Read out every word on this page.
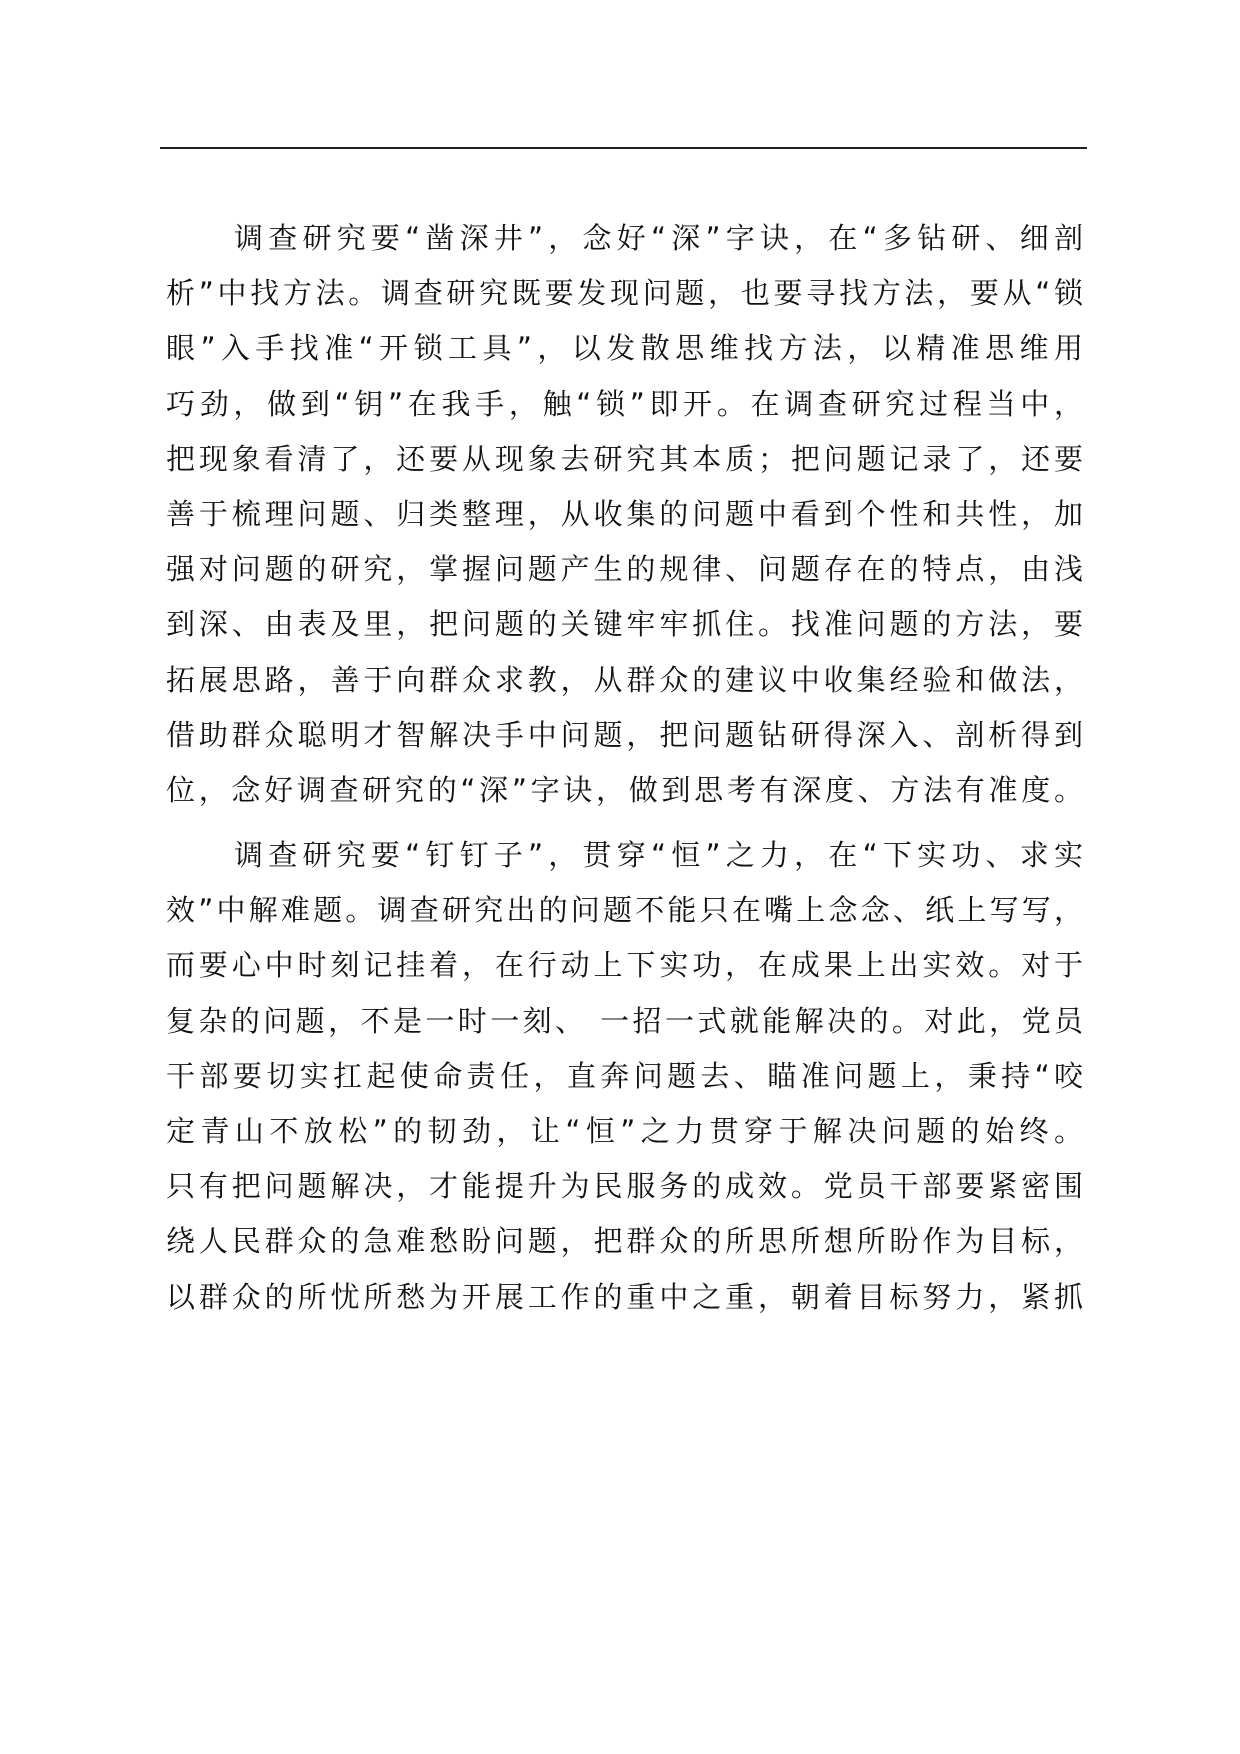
调查研究要“凿深井”，念好“深”字诀，在“多钻研、细剖
析”中找方法。调查研究既要发现问题，也要寻找方法，要从“锁
眼”入手找准“开锁工具”，以发散思维找方法，以精准思维用
巧劲，做到“钥”在我手，触“锁”即开。在调查研究过程当中，
把现象看清了，还要从现象去研究其本质；把问题记录了，还要
善于梳理问题、归类整理，从收集的问题中看到个性和共性，加
强对问题的研究，掌握问题产生的规律、问题存在的特点，由浅
到深、由表及里，把问题的关键牢牢抓住。找准问题的方法，要
拓展思路，善于向群众求教，从群众的建议中收集经验和做法，
借助群众聪明才智解决手中问题，把问题钻研得深入、剖析得到
位，念好调查研究的“深”字诀，做到思考有深度、方法有准度。
调查研究要“钉钉子”，贯穿“恒”之力，在“下实功、求实
效”中解难题。调查研究出的问题不能只在嘴上念念、纸上写写，
而要心中时刻记挂着，在行动上下实功，在成果上出实效。对于
复杂的问题，不是一时一刻、 一招一式就能解决的。对此，党员
干部要切实扛起使命责任，直奔问题去、瞄准问题上，秉持“咬
定青山不放松”的韧劲，让“恒”之力贯穿于解决问题的始终。
只有把问题解决，才能提升为民服务的成效。党员干部要紧密围
绕人民群众的急难愁盼问题，把群众的所思所想所盼作为目标，
以群众的所忧所愁为开展工作的重中之重，朝着目标努力，紧抓
